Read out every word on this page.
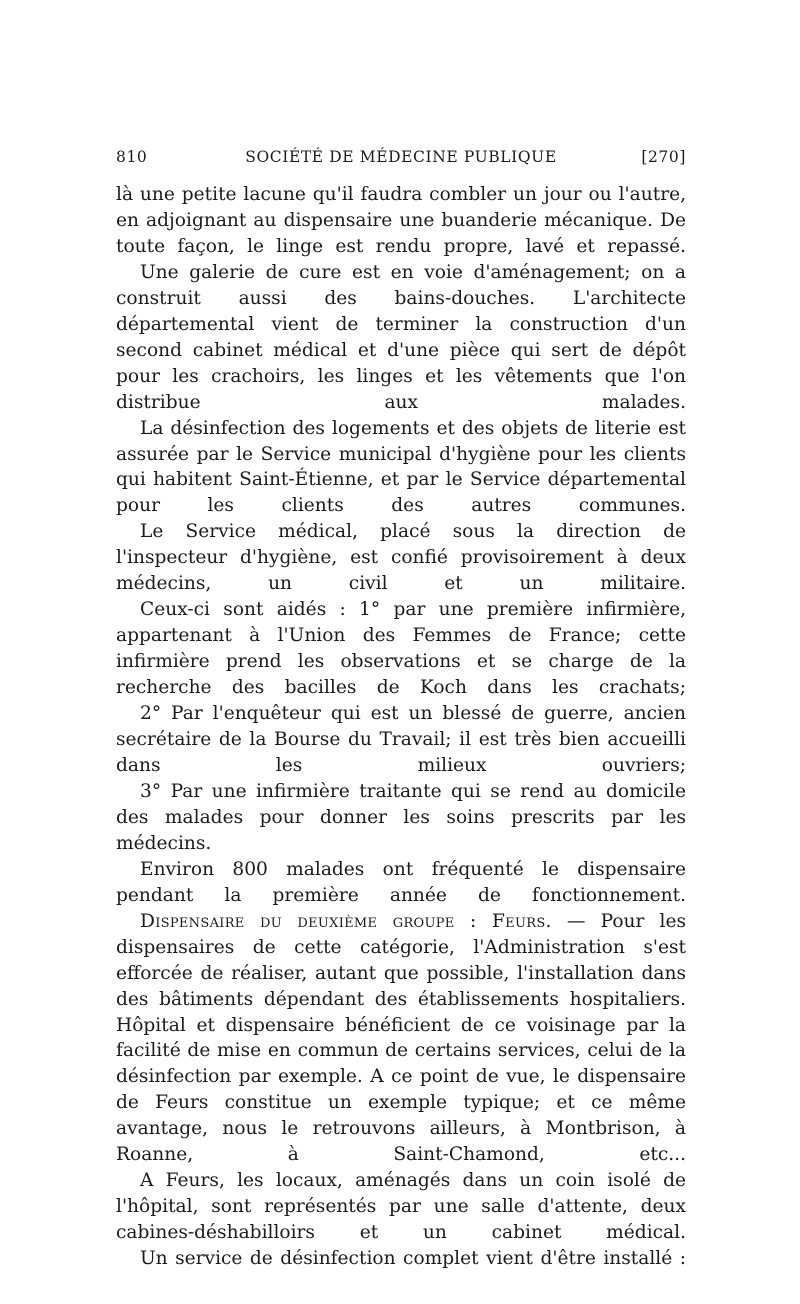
810	SOCIÉTÉ DE MÉDECINE PUBLIQUE	[270]

là une petite lacune qu'il faudra combler un jour ou l'autre, en adjoignant au dispensaire une buanderie mécanique. De toute façon, le linge est rendu propre, lavé et repassé.

Une galerie de cure est en voie d'aménagement; on a construit aussi des bains-douches. L'architecte départemental vient de terminer la construction d'un second cabinet médical et d'une pièce qui sert de dépôt pour les crachoirs, les linges et les vêtements que l'on distribue aux malades.

La désinfection des logements et des objets de literie est assurée par le Service municipal d'hygiène pour les clients qui habitent Saint-Étienne, et par le Service départemental pour les clients des autres communes.

Le Service médical, placé sous la direction de l'inspecteur d'hygiène, est confié provisoirement à deux médecins, un civil et un militaire.

Ceux-ci sont aidés : 1° par une première infirmière, appartenant à l'Union des Femmes de France; cette infirmière prend les observations et se charge de la recherche des bacilles de Koch dans les crachats;

2° Par l'enquêteur qui est un blessé de guerre, ancien secrétaire de la Bourse du Travail; il est très bien accueilli dans les milieux ouvriers;

3° Par une infirmière traitante qui se rend au domicile des malades pour donner les soins prescrits par les médecins.

Environ 800 malades ont fréquenté le dispensaire pendant la première année de fonctionnement.

Dispensaire du deuxième groupe : Feurs. — Pour les dispensaires de cette catégorie, l'Administration s'est efforcée de réaliser, autant que possible, l'installation dans des bâtiments dépendant des établissements hospitaliers. Hôpital et dispensaire bénéficient de ce voisinage par la facilité de mise en commun de certains services, celui de la désinfection par exemple. A ce point de vue, le dispensaire de Feurs constitue un exemple typique; et ce même avantage, nous le retrouvons ailleurs, à Montbrison, à Roanne, à Saint-Chamond, etc...

A Feurs, les locaux, aménagés dans un coin isolé de l'hôpital, sont représentés par une salle d'attente, deux cabines-déshabilloirs et un cabinet médical.

Un service de désinfection complet vient d'être installé :
